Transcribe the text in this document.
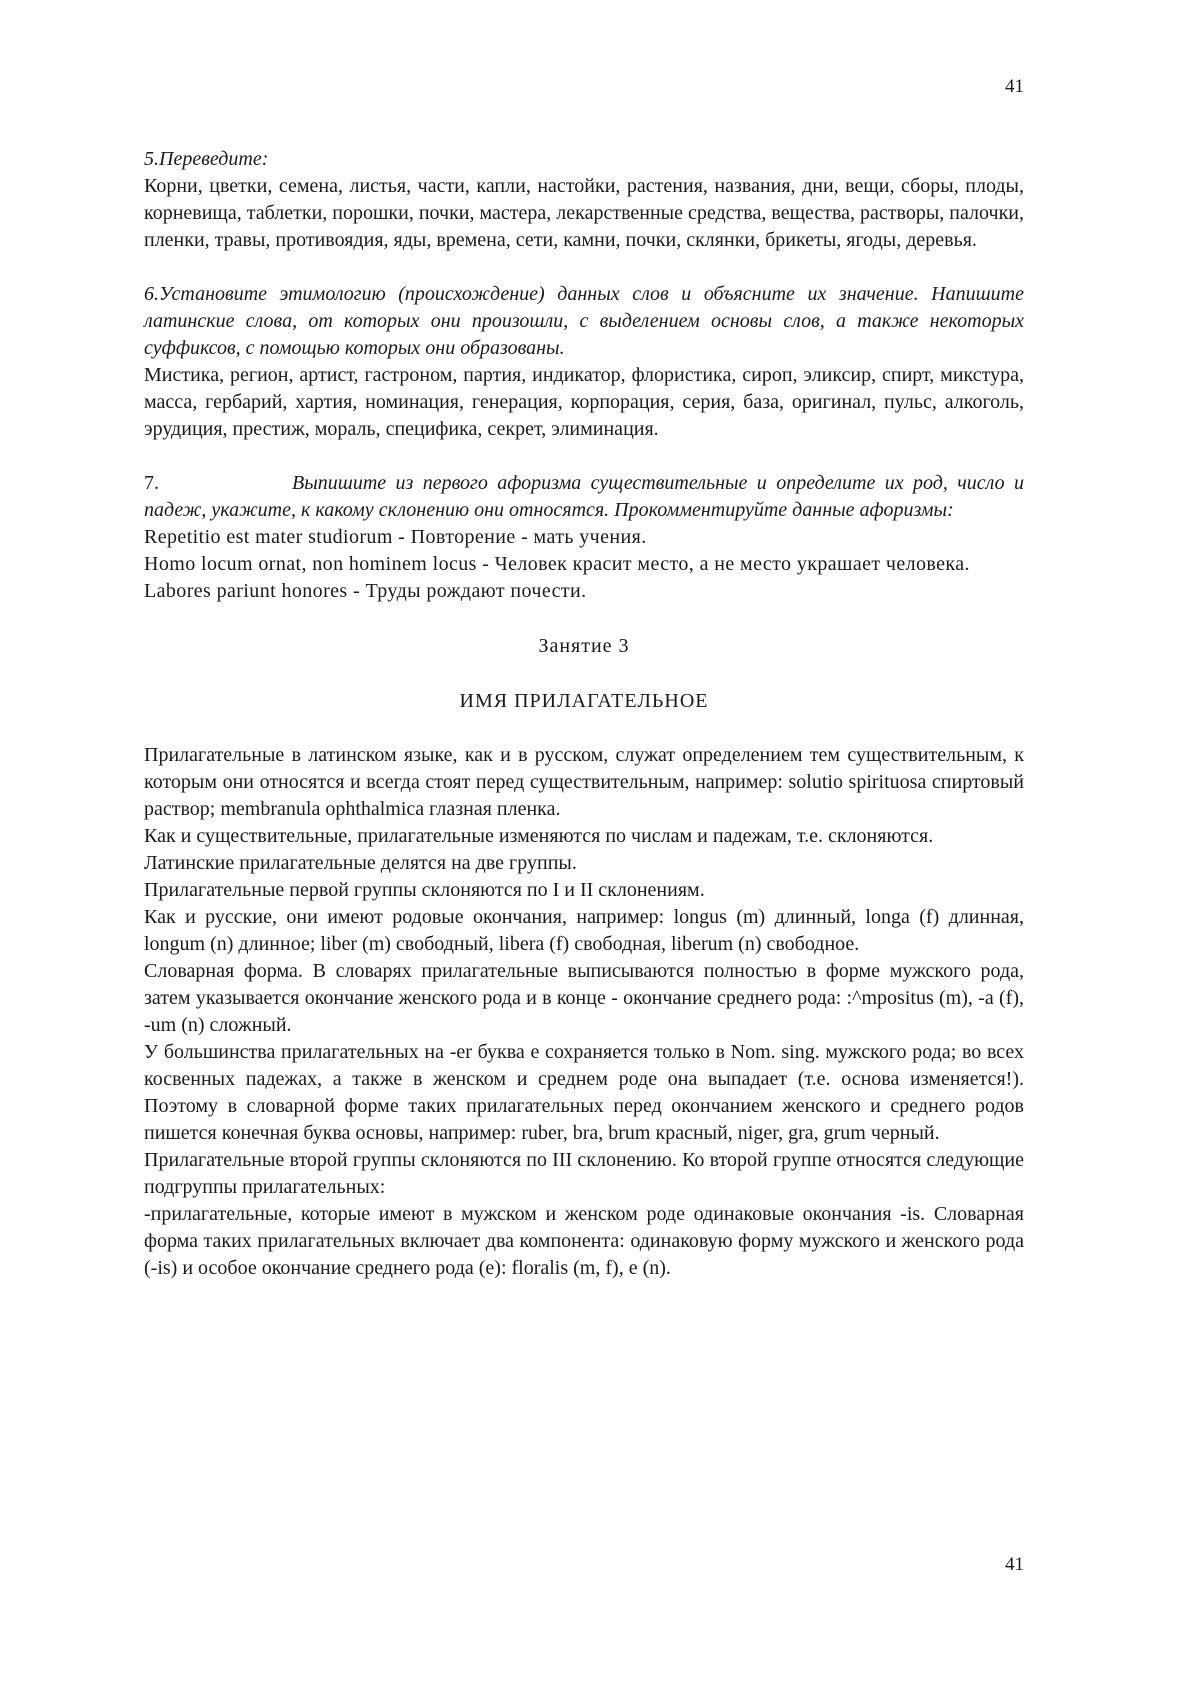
41

5.Переведите:

Корни, цветки, семена, листья, части, капли, настойки, растения, названия, дни, вещи, сборы, плоды, корневища, таблетки, порошки, почки, мастера, лекарственные средства, вещества, растворы, палочки, пленки, травы, противоядия, яды, времена, сети, камни, почки, склянки, брикеты, ягоды, деревья.

6.Установите этимологию (происхождение) данных слов и объясните их значение. Напишите латинские слова, от которых они произошли, с выделением основы слов, а также некоторых суффиксов, с помощью которых они образованы.

Мистика, регион, артист, гастроном, партия, индикатор, флористика, сироп, эликсир, спирт, микстура, масса, гербарий, хартия, номинация, генерация, корпорация, серия, база, оригинал, пульс, алкоголь, эрудиция, престиж, мораль, специфика, секрет, элиминация.

7.	Выпишите из первого афоризма существительные и определите их род, число и падеж, укажите, к какому склонению они относятся. Прокомментируйте данные афоризмы:

Repetitio est mater studiorum - Повторение - мать учения.

Homo locum ornat, non hominem locus - Человек красит место, а не место украшает человека.

Labores pariunt honores - Труды рождают почести.

Занятие 3

ИМЯ ПРИЛАГАТЕЛЬНОЕ

Прилагательные в латинском языке, как и в русском, служат определением тем существительным, к которым они относятся и всегда стоят перед существительным, например: solutio spirituosa спиртовый раствор; membranula ophthalmica глазная пленка.

Как и существительные, прилагательные изменяются по числам и падежам, т.е. склоняются.

Латинские прилагательные делятся на две группы.

Прилагательные первой группы склоняются по I и II склонениям.

Как и русские, они имеют родовые окончания, например: longus (m) длинный, longa (f) длинная, longum (n) длинное; liber (m) свободный, libera (f) свободная, liberum (n) свободное.

Словарная форма. В словарях прилагательные выписываются полностью в форме мужского рода, затем указывается окончание женского рода и в конце - окончание среднего рода: :^mpositus (m), -a (f), -um (n) сложный.

У большинства прилагательных на -er буква е сохраняется только в Nom. sing. мужского рода; во всех косвенных падежах, а также в женском и среднем роде она выпадает (т.е. основа изменяется!). Поэтому в словарной форме таких прилагательных перед окончанием женского и среднего родов пишется конечная буква основы, например: ruber, bra, brum красный, niger, gra, grum черный.

Прилагательные второй группы склоняются по III склонению. Ко второй группе относятся следующие подгруппы прилагательных:

-прилагательные, которые имеют в мужском и женском роде одинаковые окончания -is. Словарная форма таких прилагательных включает два компонента: одинаковую форму мужского и женского рода (-is) и особое окончание среднего рода (е): floralis (m, f), e (n).

41
